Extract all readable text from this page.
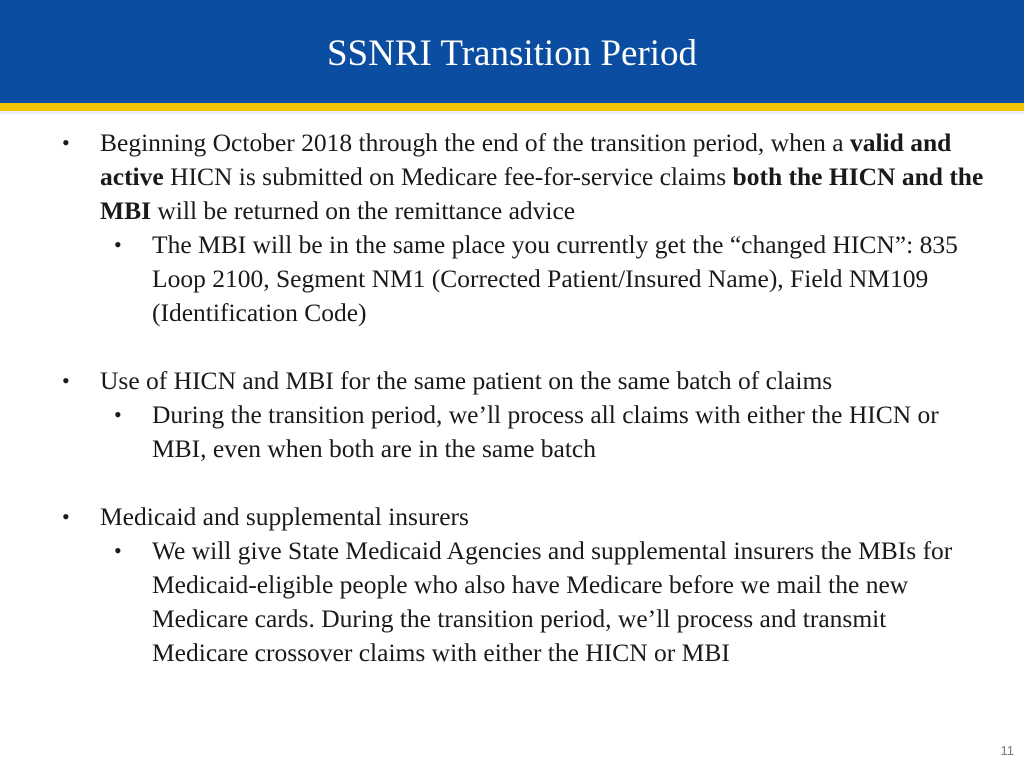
SSNRI Transition Period
• Beginning October 2018 through the end of the transition period, when a valid and active HICN is submitted on Medicare fee-for-service claims both the HICN and the MBI will be returned on the remittance advice
• The MBI will be in the same place you currently get the “changed HICN”: 835 Loop 2100, Segment NM1 (Corrected Patient/Insured Name), Field NM109 (Identification Code)
• Use of HICN and MBI for the same patient on the same batch of claims
• During the transition period, we’ll process all claims with either the HICN or MBI, even when both are in the same batch
• Medicaid and supplemental insurers
• We will give State Medicaid Agencies and supplemental insurers the MBIs for Medicaid-eligible people who also have Medicare before we mail the new Medicare cards. During the transition period, we’ll process and transmit Medicare crossover claims with either the HICN or MBI
11
